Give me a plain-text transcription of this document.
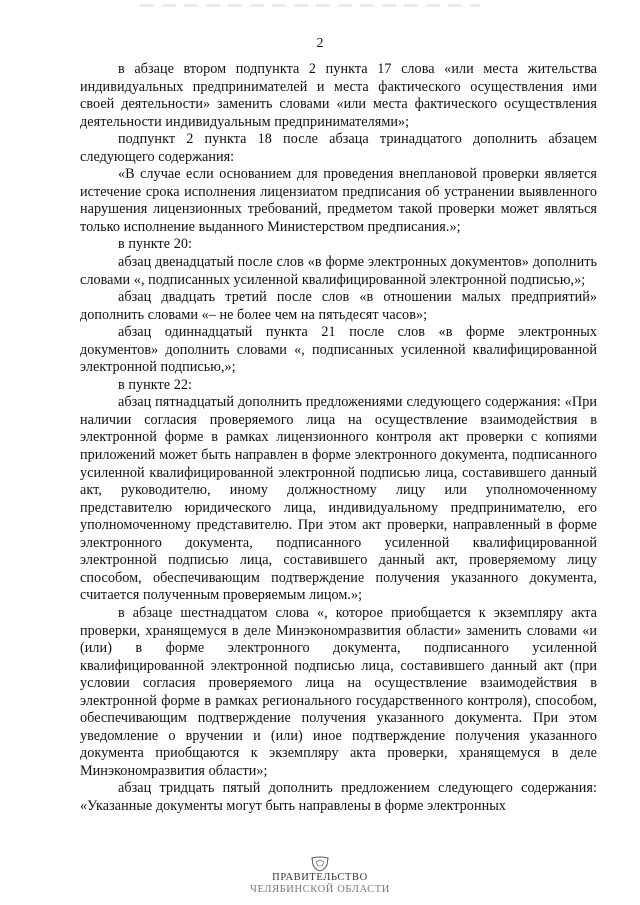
2

в абзаце втором подпункта 2 пункта 17 слова «или места жительства индивидуальных предпринимателей и места фактического осуществления ими своей деятельности» заменить словами «или места фактического осуществления деятельности индивидуальным предпринимателями»;

подпункт 2 пункта 18 после абзаца тринадцатого дополнить абзацем следующего содержания:

«В случае если основанием для проведения внеплановой проверки является истечение срока исполнения лицензиатом предписания об устранении выявленного нарушения лицензионных требований, предметом такой проверки может являться только исполнение выданного Министерством предписания.»;

в пункте 20:

абзац двенадцатый после слов «в форме электронных документов» дополнить словами «, подписанных усиленной квалифицированной электронной подписью,»;

абзац двадцать третий после слов «в отношении малых предприятий» дополнить словами «– не более чем на пятьдесят часов»;

абзац одиннадцатый пункта 21 после слов «в форме электронных документов» дополнить словами «, подписанных усиленной квалифицированной электронной подписью,»;

в пункте 22:

абзац пятнадцатый дополнить предложениями следующего содержания: «При наличии согласия проверяемого лица на осуществление взаимодействия в электронной форме в рамках лицензионного контроля акт проверки с копиями приложений может быть направлен в форме электронного документа, подписанного усиленной квалифицированной электронной подписью лица, составившего данный акт, руководителю, иному должностному лицу или уполномоченному представителю юридического лица, индивидуальному предпринимателю, его уполномоченному представителю. При этом акт проверки, направленный в форме электронного документа, подписанного усиленной квалифицированной электронной подписью лица, составившего данный акт, проверяемому лицу способом, обеспечивающим подтверждение получения указанного документа, считается полученным проверяемым лицом.»;

в абзаце шестнадцатом слова «, которое приобщается к экземпляру акта проверки, хранящемуся в деле Минэкономразвития области» заменить словами «и (или) в форме электронного документа, подписанного усиленной квалифицированной электронной подписью лица, составившего данный акт (при условии согласия проверяемого лица на осуществление взаимодействия в электронной форме в рамках регионального государственного контроля), способом, обеспечивающим подтверждение получения указанного документа. При этом уведомление о вручении и (или) иное подтверждение получения указанного документа приобщаются к экземпляру акта проверки, хранящемуся в деле Минэкономразвития области»;

абзац тридцать пятый дополнить предложением следующего содержания: «Указанные документы могут быть направлены в форме электронных

ПРАВИТЕЛЬСТВО
ЧЕЛЯБИНСКОЙ ОБЛАСТИ
